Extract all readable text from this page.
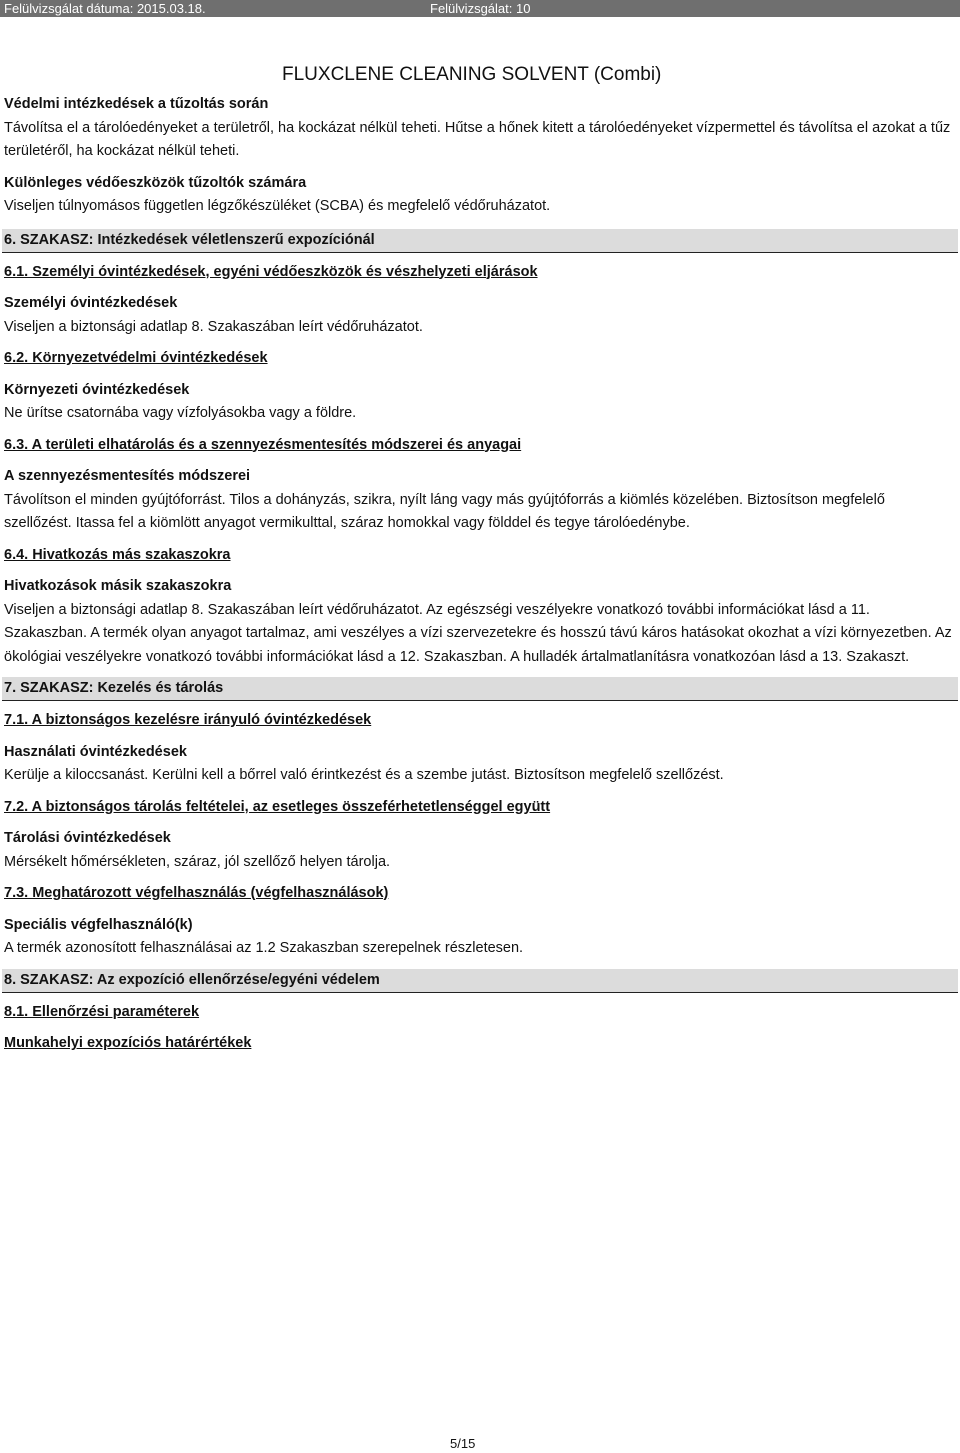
Felülvizsgálat dátuma: 2015.03.18.	Felülvizsgálat: 10
FLUXCLENE CLEANING SOLVENT (Combi)

Védelmi intézkedések a tűzoltás során

Távolítsa el a tárolóedényeket a területről, ha kockázat nélkül teheti. Hűtse a hőnek kitett a tárolóedényeket vízpermettel és távolítsa el azokat a tűz területéről, ha kockázat nélkül teheti.

Különleges védőeszközök tűzoltók számára

Viseljen túlnyomásos független légzőkészüléket (SCBA) és megfelelő védőruházatot.

6. SZAKASZ: Intézkedések véletlenszerű expozíciónál

6.1. Személyi óvintézkedések, egyéni védőeszközök és vészhelyzeti eljárások

Személyi óvintézkedések

Viseljen a biztonsági adatlap 8. Szakaszában leírt védőruházatot.

6.2. Környezetvédelmi óvintézkedések

Környezeti óvintézkedések

Ne ürítse csatornába vagy vízfolyásokba vagy a földre.

6.3. A területi elhatárolás és a szennyezésmentesítés módszerei és anyagai

A szennyezésmentesítés módszerei

Távolítson el minden gyújtóforrást. Tilos a dohányzás, szikra, nyílt láng vagy más gyújtóforrás a kiömlés közelében. Biztosítson megfelelő szellőzést. Itassa fel a kiömlött anyagot vermikulttal, száraz homokkal vagy földdel és tegye tárolóedénybe.

6.4. Hivatkozás más szakaszokra

Hivatkozások másik szakaszokra

Viseljen a biztonsági adatlap 8. Szakaszában leírt védőruházatot. Az egészségi veszélyekre vonatkozó további információkat lásd a 11. Szakaszban. A termék olyan anyagot tartalmaz, ami veszélyes a vízi szervezetekre és hosszú távú káros hatásokat okozhat a vízi környezetben. Az ökológiai veszélyekre vonatkozó további információkat lásd a 12. Szakaszban. A hulladék ártalmatlanításra vonatkozóan lásd a 13. Szakaszt.

7. SZAKASZ: Kezelés és tárolás

7.1. A biztonságos kezelésre irányuló óvintézkedések

Használati óvintézkedések

Kerülje a kiloccsanást. Kerülni kell a bőrrel való érintkezést és a szembe jutást. Biztosítson megfelelő szellőzést.

7.2. A biztonságos tárolás feltételei, az esetleges összeférhetetlenséggel együtt

Tárolási óvintézkedések

Mérsékelt hőmérsékleten, száraz, jól szellőző helyen tárolja.

7.3. Meghatározott végfelhasználás (végfelhasználások)

Speciális végfelhasználó(k)

A termék azonosított felhasználásai az 1.2 Szakaszban szerepelnek részletesen.

8. SZAKASZ: Az expozíció ellenőrzése/egyéni védelem

8.1. Ellenőrzési paraméterek

Munkahelyi expozíciós határértékek

5/15
